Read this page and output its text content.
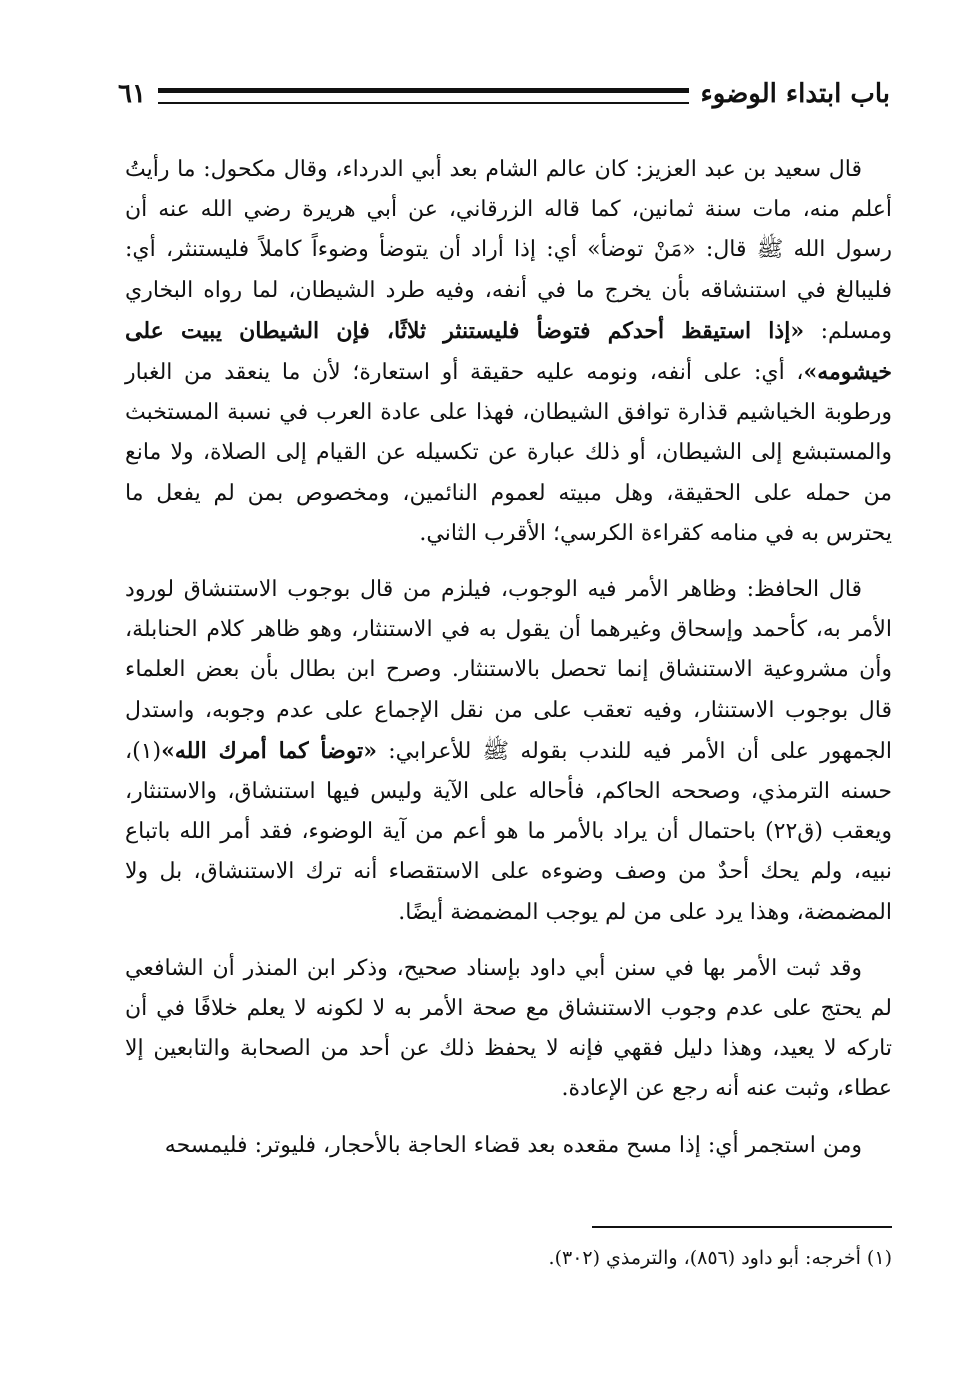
باب ابتداء الوضوء
٦١

قال سعيد بن عبد العزيز: كان عالم الشام بعد أبي الدرداء، وقال مكحول: ما رأيتُ أعلم منه، مات سنة ثمانين، كما قاله الزرقاني، عن أبي هريرة رضي الله عنه أن رسول الله ﷺ قال: «مَنْ توضأ» أي: إذا أراد أن يتوضأ وضوءاً كاملاً فليستنثر، أي: فليبالغ في استنشاقه بأن يخرج ما في أنفه، وفيه طرد الشيطان، لما رواه البخاري ومسلم: «إذا استيقظ أحدكم فتوضأ فليستنثر ثلاثًا، فإن الشيطان يبيت على خيشومه»، أي: على أنفه، ونومه عليه حقيقة أو استعارة؛ لأن ما ينعقد من الغبار ورطوبة الخياشيم قذارة توافق الشيطان، فهذا على عادة العرب في نسبة المستخبث والمستبشع إلى الشيطان، أو ذلك عبارة عن تكسيله عن القيام إلى الصلاة، ولا مانع من حمله على الحقيقة، وهل مبيته لعموم النائمين، ومخصوص بمن لم يفعل ما يحترس به في منامه كقراءة الكرسي؛ الأقرب الثاني.

قال الحافظ: وظاهر الأمر فيه الوجوب، فيلزم من قال بوجوب الاستنشاق لورود الأمر به، كأحمد وإسحاق وغيرهما أن يقول به في الاستنثار، وهو ظاهر كلام الحنابلة، وأن مشروعية الاستنشاق إنما تحصل بالاستنثار. وصرح ابن بطال بأن بعض العلماء قال بوجوب الاستنثار، وفيه تعقب على من نقل الإجماع على عدم وجوبه، واستدل الجمهور على أن الأمر فيه للندب بقوله ﷺ للأعرابي: «توضأ كما أمرك الله»(١)، حسنه الترمذي، وصححه الحاكم، فأحاله على الآية وليس فيها استنشاق، والاستنثار، ويعقب (ق٢٢) باحتمال أن يراد بالأمر ما هو أعم من آية الوضوء، فقد أمر الله باتباع نبيه، ولم يحك أحدٌ من وصف وضوءه على الاستقصاء أنه ترك الاستنشاق، بل ولا المضمضة، وهذا يرد على من لم يوجب المضمضة أيضًا.

وقد ثبت الأمر بها في سنن أبي داود بإسناد صحيح، وذكر ابن المنذر أن الشافعي لم يحتج على عدم وجوب الاستنشاق مع صحة الأمر به لا لكونه لا يعلم خلافًا في أن تاركه لا يعيد، وهذا دليل فقهي فإنه لا يحفظ ذلك عن أحد من الصحابة والتابعين إلا عطاء، وثبت عنه أنه رجع عن الإعادة.

ومن استجمر أي: إذا مسح مقعده بعد قضاء الحاجة بالأحجار، فليوتر: فليمسحه

(١) أخرجه: أبو داود (٨٥٦)، والترمذي (٣٠٢).
